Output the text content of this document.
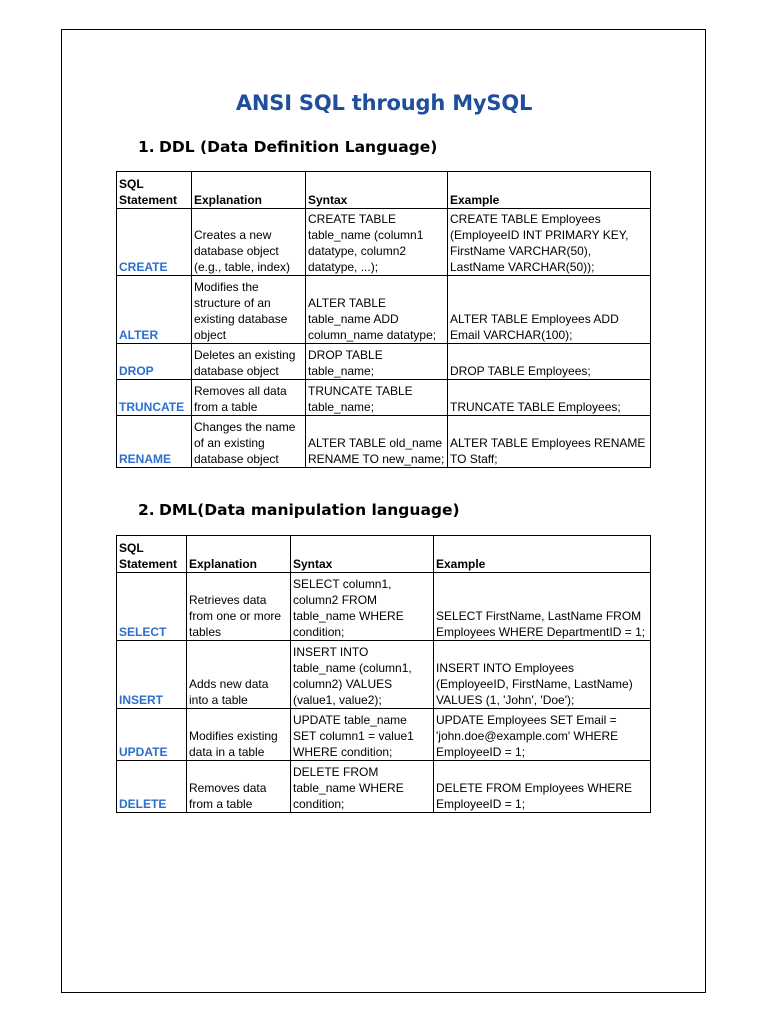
ANSI SQL through MySQL
1. DDL (Data Definition Language)
SQL Statement	Explanation	Syntax	Example
CREATE	Creates a new database object (e.g., table, index)	CREATE TABLE table_name (column1 datatype, column2 datatype, ...);	CREATE TABLE Employees (EmployeeID INT PRIMARY KEY, FirstName VARCHAR(50), LastName VARCHAR(50));
ALTER	Modifies the structure of an existing database object	ALTER TABLE table_name ADD column_name datatype;	ALTER TABLE Employees ADD Email VARCHAR(100);
DROP	Deletes an existing database object	DROP TABLE table_name;	DROP TABLE Employees;
TRUNCATE	Removes all data from a table	TRUNCATE TABLE table_name;	TRUNCATE TABLE Employees;
RENAME	Changes the name of an existing database object	ALTER TABLE old_name RENAME TO new_name;	ALTER TABLE Employees RENAME TO Staff;
2. DML(Data manipulation language)
SQL Statement	Explanation	Syntax	Example
SELECT	Retrieves data from one or more tables	SELECT column1, column2 FROM table_name WHERE condition;	SELECT FirstName, LastName FROM Employees WHERE DepartmentID = 1;
INSERT	Adds new data into a table	INSERT INTO table_name (column1, column2) VALUES (value1, value2);	INSERT INTO Employees (EmployeeID, FirstName, LastName) VALUES (1, 'John', 'Doe');
UPDATE	Modifies existing data in a table	UPDATE table_name SET column1 = value1 WHERE condition;	UPDATE Employees SET Email = 'john.doe@example.com' WHERE EmployeeID = 1;
DELETE	Removes data from a table	DELETE FROM table_name WHERE condition;	DELETE FROM Employees WHERE EmployeeID = 1;
